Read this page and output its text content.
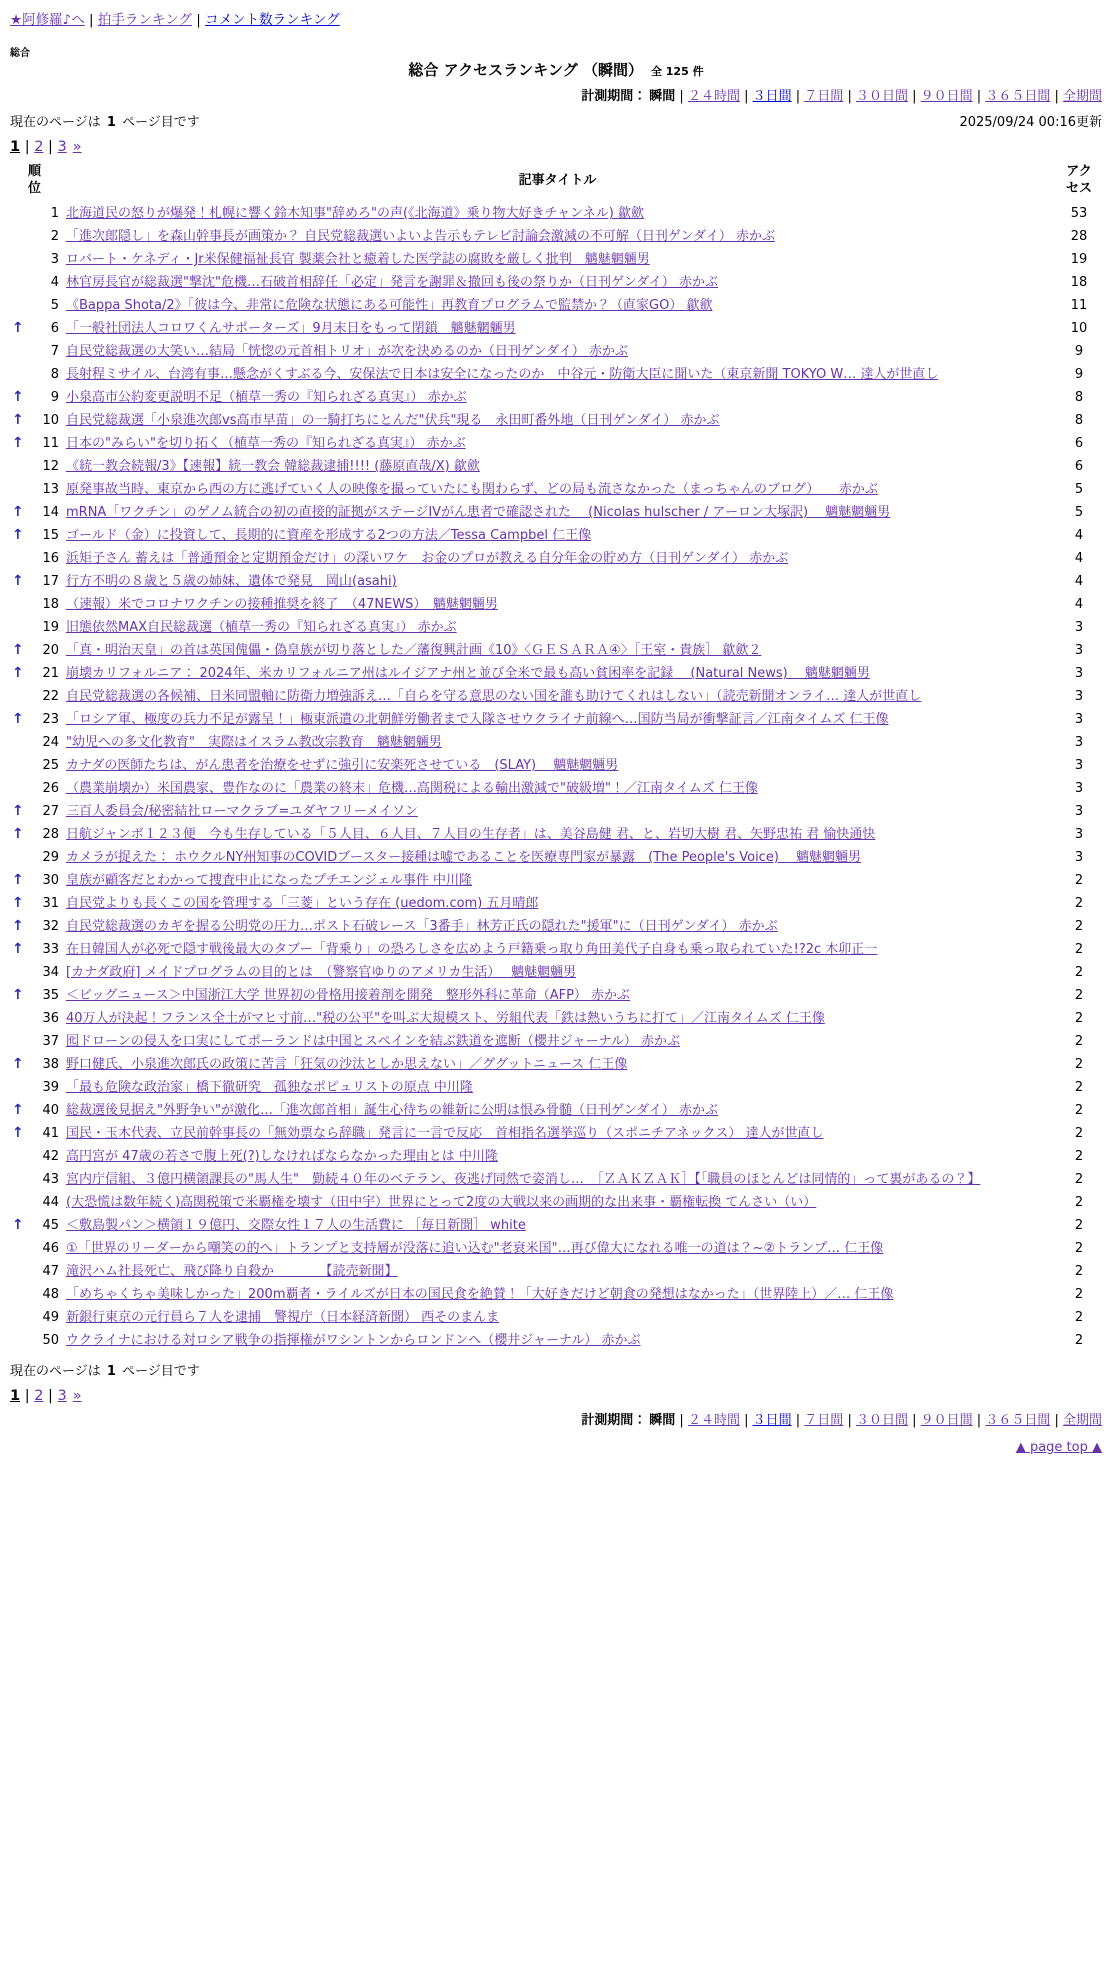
★阿修羅♪へ | 拍手ランキング | コメント数ランキング
総合
総合 アクセスランキング （瞬間） 全 125 件
計測期間： 瞬間 | ２４時間 | ３日間 | ７日間 | ３０日間 | ９０日間 | ３６５日間 | 全期間
現在のページは 1 ページ目です	2025/09/24 00:16更新
1 | 2 | 3 »
順位		記事タイトル	アクセス
	1	北海道民の怒りが爆発！札幌に響く鈴木知事"辞めろ"の声(《北海道》乗り物大好きチャンネル) 歙歛	53
	2	「進次郎隠し」を森山幹事長が画策か？ 自民党総裁選いよいよ告示もテレビ討論会激減の不可解（日刊ゲンダイ） 赤かぶ	28
	3	ロバート・ケネディ・Jr米保健福祉長官 製薬会社と癒着した医学誌の腐敗を厳しく批判　魑魅魍魎男	19
	4	林官房長官が総裁選"撃沈"危機…石破首相辞任「必定」発言を謝罪＆撤回も後の祭りか（日刊ゲンダイ） 赤かぶ	18
	5	《Bappa Shota/2》「彼は今、非常に危険な状態にある可能性」再教育プログラムで監禁か？（直家GO） 歙歛	11
↑	6	「一般社団法人コロワくんサポーターズ」9月末日をもって閉鎖　魑魅魍魎男	10
	7	自民党総裁選の大笑い…結局「恍惚の元首相トリオ」が次を決めるのか（日刊ゲンダイ） 赤かぶ	9
	8	長射程ミサイル、台湾有事…懸念がくすぶる今、安保法で日本は安全になったのか　中谷元・防衛大臣に聞いた（東京新聞 TOKYO W… 達人が世直し	9
↑	9	小泉高市公約変更説明不足（植草一秀の『知られざる真実』） 赤かぶ	8
↑	10	自民党総裁選「小泉進次郎vs高市早苗」の一騎打ちにとんだ"伏兵"現る　永田町番外地（日刊ゲンダイ） 赤かぶ	8
↑	11	日本の"みらい"を切り拓く（植草一秀の『知られざる真実』） 赤かぶ	6
	12	《統一教会続報/3》【速報】統一教会 韓総裁逮捕!!!! (藤原直哉/X) 歙歛	6
	13	原発事故当時、東京から西の方に逃げていく人の映像を撮っていたにも関わらず、どの局も流さなかった（まっちゃんのブログ）　　赤かぶ	5
↑	14	mRNA「ワクチン」のゲノム統合の初の直接的証拠がステージIVがん患者で確認された　 (Nicolas hulscher / アーロン大塚訳)　 魑魅魍魎男	5
↑	15	ゴールド（金）に投資して、長期的に資産を形成する2つの方法／Tessa Campbel 仁王像	4
	16	浜矩子さん 蓄えは「普通預金と定期預金だけ」の深いワケ　お金のプロが教える自分年金の貯め方（日刊ゲンダイ） 赤かぶ	4
↑	17	行方不明の８歳と５歳の姉妹、遺体で発見　岡山(asahi)	4
	18	（速報）米でコロナワクチンの接種推奨を終了　（47NEWS）　魑魅魍魎男	4
	19	旧態依然MAX自民総裁選（植草一秀の『知られざる真実』） 赤かぶ	3
↑	20	「真・明治天皇」の首は英国傀儡・偽皇族が切り落とした／藩復興計画《10》〈ＧＥＳＡＲＡ④〉［王室・貴族］ 歙歛２	3
↑	21	崩壊カリフォルニア： 2024年、米カリフォルニア州はルイジアナ州と並び全米で最も高い貧困率を記録　 (Natural News)　 魑魅魍魎男	3
	22	自民党総裁選の各候補、日米同盟軸に防衛力増強訴え…「自らを守る意思のない国を誰も助けてくれはしない」（読売新聞オンライ… 達人が世直し	3
↑	23	「ロシア軍、極度の兵力不足が露呈！」極東派遣の北朝鮮労働者まで入隊させウクライナ前線へ…国防当局が衝撃証言／江南タイムズ 仁王像	3
	24	"幼児への多文化教育"　実際はイスラム教改宗教育　魑魅魍魎男	3
	25	カナダの医師たちは、がん患者を治療をせずに強引に安楽死させている　(SLAY)　 魑魅魍魎男	3
	26	（農業崩壊か）米国農家、豊作なのに「農業の終末」危機…高関税による輸出激減で"破級増"！／江南タイムズ 仁王像	3
↑	27	三百人委員会/秘密結社ローマクラブ=ユダヤフリーメイソン	3
↑	28	日航ジャンボ１２３便　今も生存している「５人目、６人目、７人目の生存者」は、美谷島健 君、と、岩切大樹 君、矢野忠祐 君 愉快通快	3
	29	カメラが捉えた： ホウクルNY州知事のCOVIDブースター接種は嘘であることを医療専門家が暴露　(The People's Voice)　 魑魅魍魎男	3
↑	30	皇族が顧客だとわかって捜査中止になったプチエンジェル事件 中川隆	2
↑	31	自民党よりも長くこの国を管理する「三菱」という存在 (uedom.com) 五月晴郎	2
↑	32	自民党総裁選のカギを握る公明党の圧力…ポスト石破レース「3番手」林芳正氏の隠れた"援軍"に（日刊ゲンダイ） 赤かぶ	2
↑	33	在日韓国人が必死で隠す戦後最大のタブー「背乗り」の恐ろしさを広めよう戸籍乗っ取り角田美代子自身も乗っ取られていた!?2c 木卯正一	2
	34	[カナダ政府] メイドプログラムの目的とは　（警察官ゆりのアメリカ生活）　 魑魅魍魎男	2
↑	35	＜ビッグニュース＞中国浙江大学 世界初の骨格用接着剤を開発　整形外科に革命（AFP） 赤かぶ	2
	36	40万人が決起！フランス全土がマヒ寸前…"税の公平"を叫ぶ大規模スト、労組代表「鉄は熱いうちに打て」／江南タイムズ 仁王像	2
	37	囮ドローンの侵入を口実にしてポーランドは中国とスペインを結ぶ鉄道を遮断（櫻井ジャーナル） 赤かぶ	2
↑	38	野口健氏、小泉進次郎氏の政策に苦言「狂気の沙汰としか思えない」／ググットニュース 仁王像	2
	39	「最も危険な政治家」橋下徹研究　孤独なポピュリストの原点 中川隆	2
↑	40	総裁選後見据え"外野争い"が激化…「進次郎首相」誕生心待ちの維新に公明は恨み骨髄（日刊ゲンダイ） 赤かぶ	2
↑	41	国民・玉木代表、立民前幹事長の「無効票なら辞職」発言に一言で反応　首相指名選挙巡り（スポニチアネックス） 達人が世直し	2
	42	高円宮が 47歳の若さで腹上死(?)しなければならなかった理由とは 中川隆	2
	43	宮内庁信組、３億円横領課長の"馬人生"　勤続４０年のベテラン、夜逃げ同然で姿消し…　［ＺＡＫＺＡＫ］【「職員のほとんどは同情的」って裏があるの？】	2
	44	(大恐慌は数年続く)高関税策で米覇権を壊す（田中宇）世界にとって2度の大戦以来の画期的な出来事・覇権転換 てんさい（い）	2
↑	45	＜敷島製パン＞横領１９億円、交際女性１７人の生活費に ［毎日新聞］ white	2
	46	①「世界のリーダーから嘲笑の的へ」トランプと支持層が没落に追い込む"老衰米国"…再び偉大になれる唯一の道は？~②トランプ… 仁王像	2
	47	滝沢ハム社長死亡、飛び降り自殺か　　　　【読売新聞】	2
	48	「めちゃくちゃ美味しかった」200m覇者・ライルズが日本の国民食を絶賛！「大好きだけど朝食の発想はなかった」（世界陸上）／… 仁王像	2
	49	新銀行東京の元行員ら７人を逮捕　警視庁（日本経済新聞） 西そのまんま	2
	50	ウクライナにおける対ロシア戦争の指揮権がワシントンからロンドンへ（櫻井ジャーナル） 赤かぶ	2
現在のページは 1 ページ目です
1 | 2 | 3 »
計測期間： 瞬間 | ２４時間 | ３日間 | ７日間 | ３０日間 | ９０日間 | ３６５日間 | 全期間
▲ page top ▲
